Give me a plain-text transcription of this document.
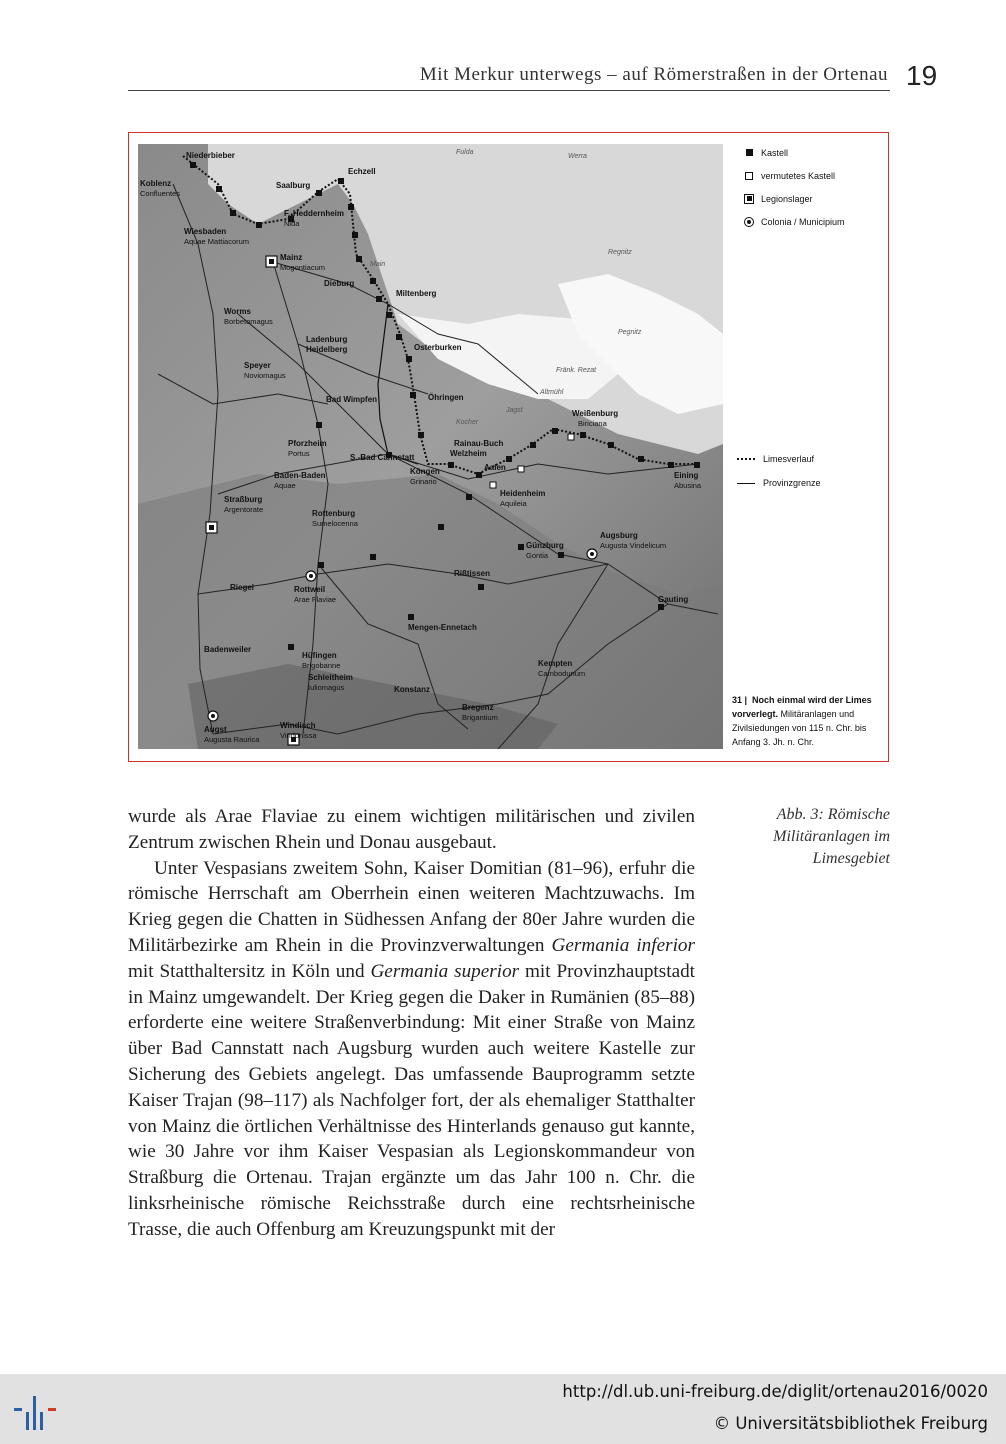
Mit Merkur unterwegs – auf Römerstraßen in der Ortenau 19
Fulda
Werra
Main
Regnitz
Pegnitz
Fränk. Rezat
Altmühl
Jagst
Kocher
Niederbieber
Koblenz
Confluentes
Echzell
Saalburg
F.-Heddernheim
Nida
Wiesbaden
Aquae Mattiacorum
Mainz
Mogontiacum
Dieburg
Miltenberg
Worms
Borbetomagus
Osterburken
Ladenburg
Heidelberg
Speyer
Noviomagus
Öhringen
Bad Wimpfen
Weißenburg
Biriciana
Rainau-Buch
Welzheim
Aalen
Pforzheim
Portus	S.-Bad Cannstatt
Köngen
Grinario
Eining
Abusina
Baden-Baden
Aquae
Heidenheim
Aquileia
Straßburg
Argentorate	Rottenburg
Sumelocenna
Augsburg
Augusta Vindelicum
Günzburg
Gontia
Riegel	Rottweil
Arae Flaviae
Rißtissen
Gauting
Mengen-Ennetach
Badenweiler
Hüfingen
Brigobanne
Schleitheim
Iuliomagus
Kempten
Cambodunum
Konstanz
Bregenz
Brigantium
Augst
Augusta Raurica
Windisch
Vindonissa
Kastell
vermutetes Kastell
Legionslager
Colonia / Municipium
Limesverlauf
Provinzgrenze
31 | Noch einmal wird der Limes vorverlegt. Militäranlagen und Zivilsiedungen von 115 n. Chr. bis Anfang 3. Jh. n. Chr.
Abb. 3: Römische
Militäranlagen im
Limesgebiet

wurde als Arae Flaviae zu einem wichtigen militärischen und zivilen Zentrum zwischen Rhein und Donau ausgebaut.

Unter Vespasians zweitem Sohn, Kaiser Domitian (81–96), erfuhr die römische Herrschaft am Oberrhein einen weiteren Machtzuwachs. Im Krieg gegen die Chatten in Südhessen Anfang der 80er Jahre wurden die Militärbezirke am Rhein in die Provinzverwaltungen Germania inferior mit Statthaltersitz in Köln und Germania superior mit Provinzhauptstadt in Mainz umgewandelt. Der Krieg gegen die Daker in Rumänien (85–88) erforderte eine weitere Straßenverbindung: Mit einer Straße von Mainz über Bad Cannstatt nach Augsburg wurden auch weitere Kastelle zur Sicherung des Gebiets angelegt. Das umfassende Bauprogramm setzte Kaiser Trajan (98–117) als Nachfolger fort, der als ehemaliger Statthalter von Mainz die örtlichen Verhältnisse des Hinterlands genauso gut kannte, wie 30 Jahre vor ihm Kaiser Vespasian als Legionskommandeur von Straßburg die Ortenau. Trajan ergänzte um das Jahr 100 n. Chr. die linksrheinische römische Reichsstraße durch eine rechtsrheinische Trasse, die auch Offenburg am Kreuzungspunkt mit der

http://dl.ub.uni-freiburg.de/diglit/ortenau2016/0020
© Universitätsbibliothek Freiburg
